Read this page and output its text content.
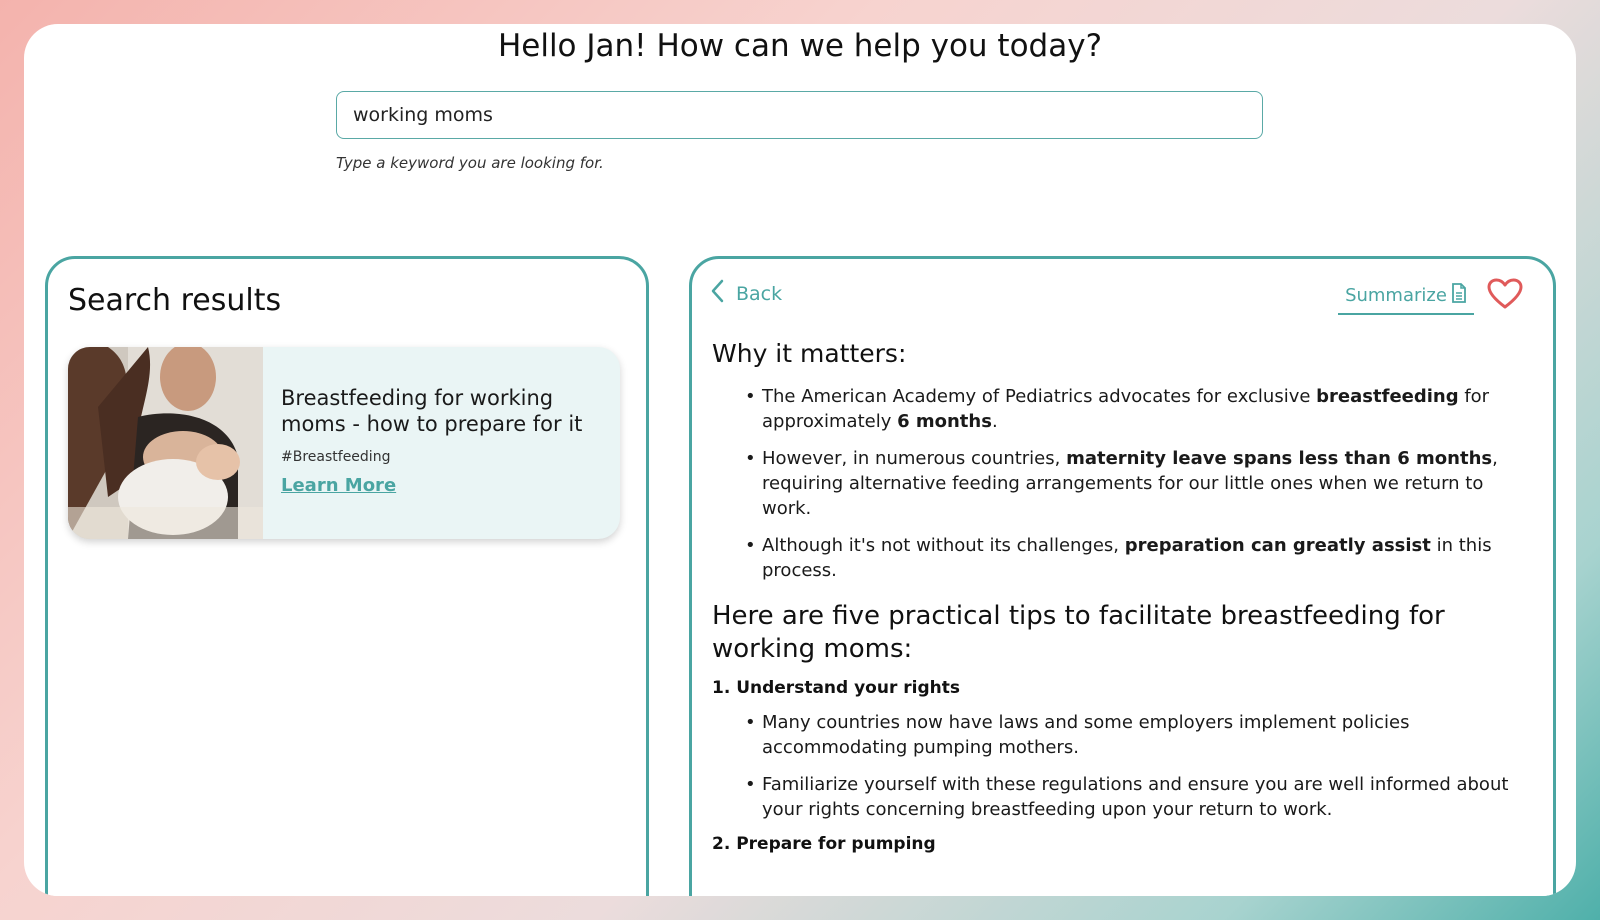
Hello Jan! How can we help you today?
working moms
Type a keyword you are looking for.
Search results
Breastfeeding for working moms - how to prepare for it
#Breastfeeding
Learn More
Back	Summarize
Why it matters:
• The American Academy of Pediatrics advocates for exclusive breastfeeding for approximately 6 months.
• However, in numerous countries, maternity leave spans less than 6 months, requiring alternative feeding arrangements for our little ones when we return to work.
• Although it's not without its challenges, preparation can greatly assist in this process.
Here are five practical tips to facilitate breastfeeding for working moms:
1. Understand your rights
• Many countries now have laws and some employers implement policies accommodating pumping mothers.
• Familiarize yourself with these regulations and ensure you are well informed about your rights concerning breastfeeding upon your return to work.
2. Prepare for pumping
